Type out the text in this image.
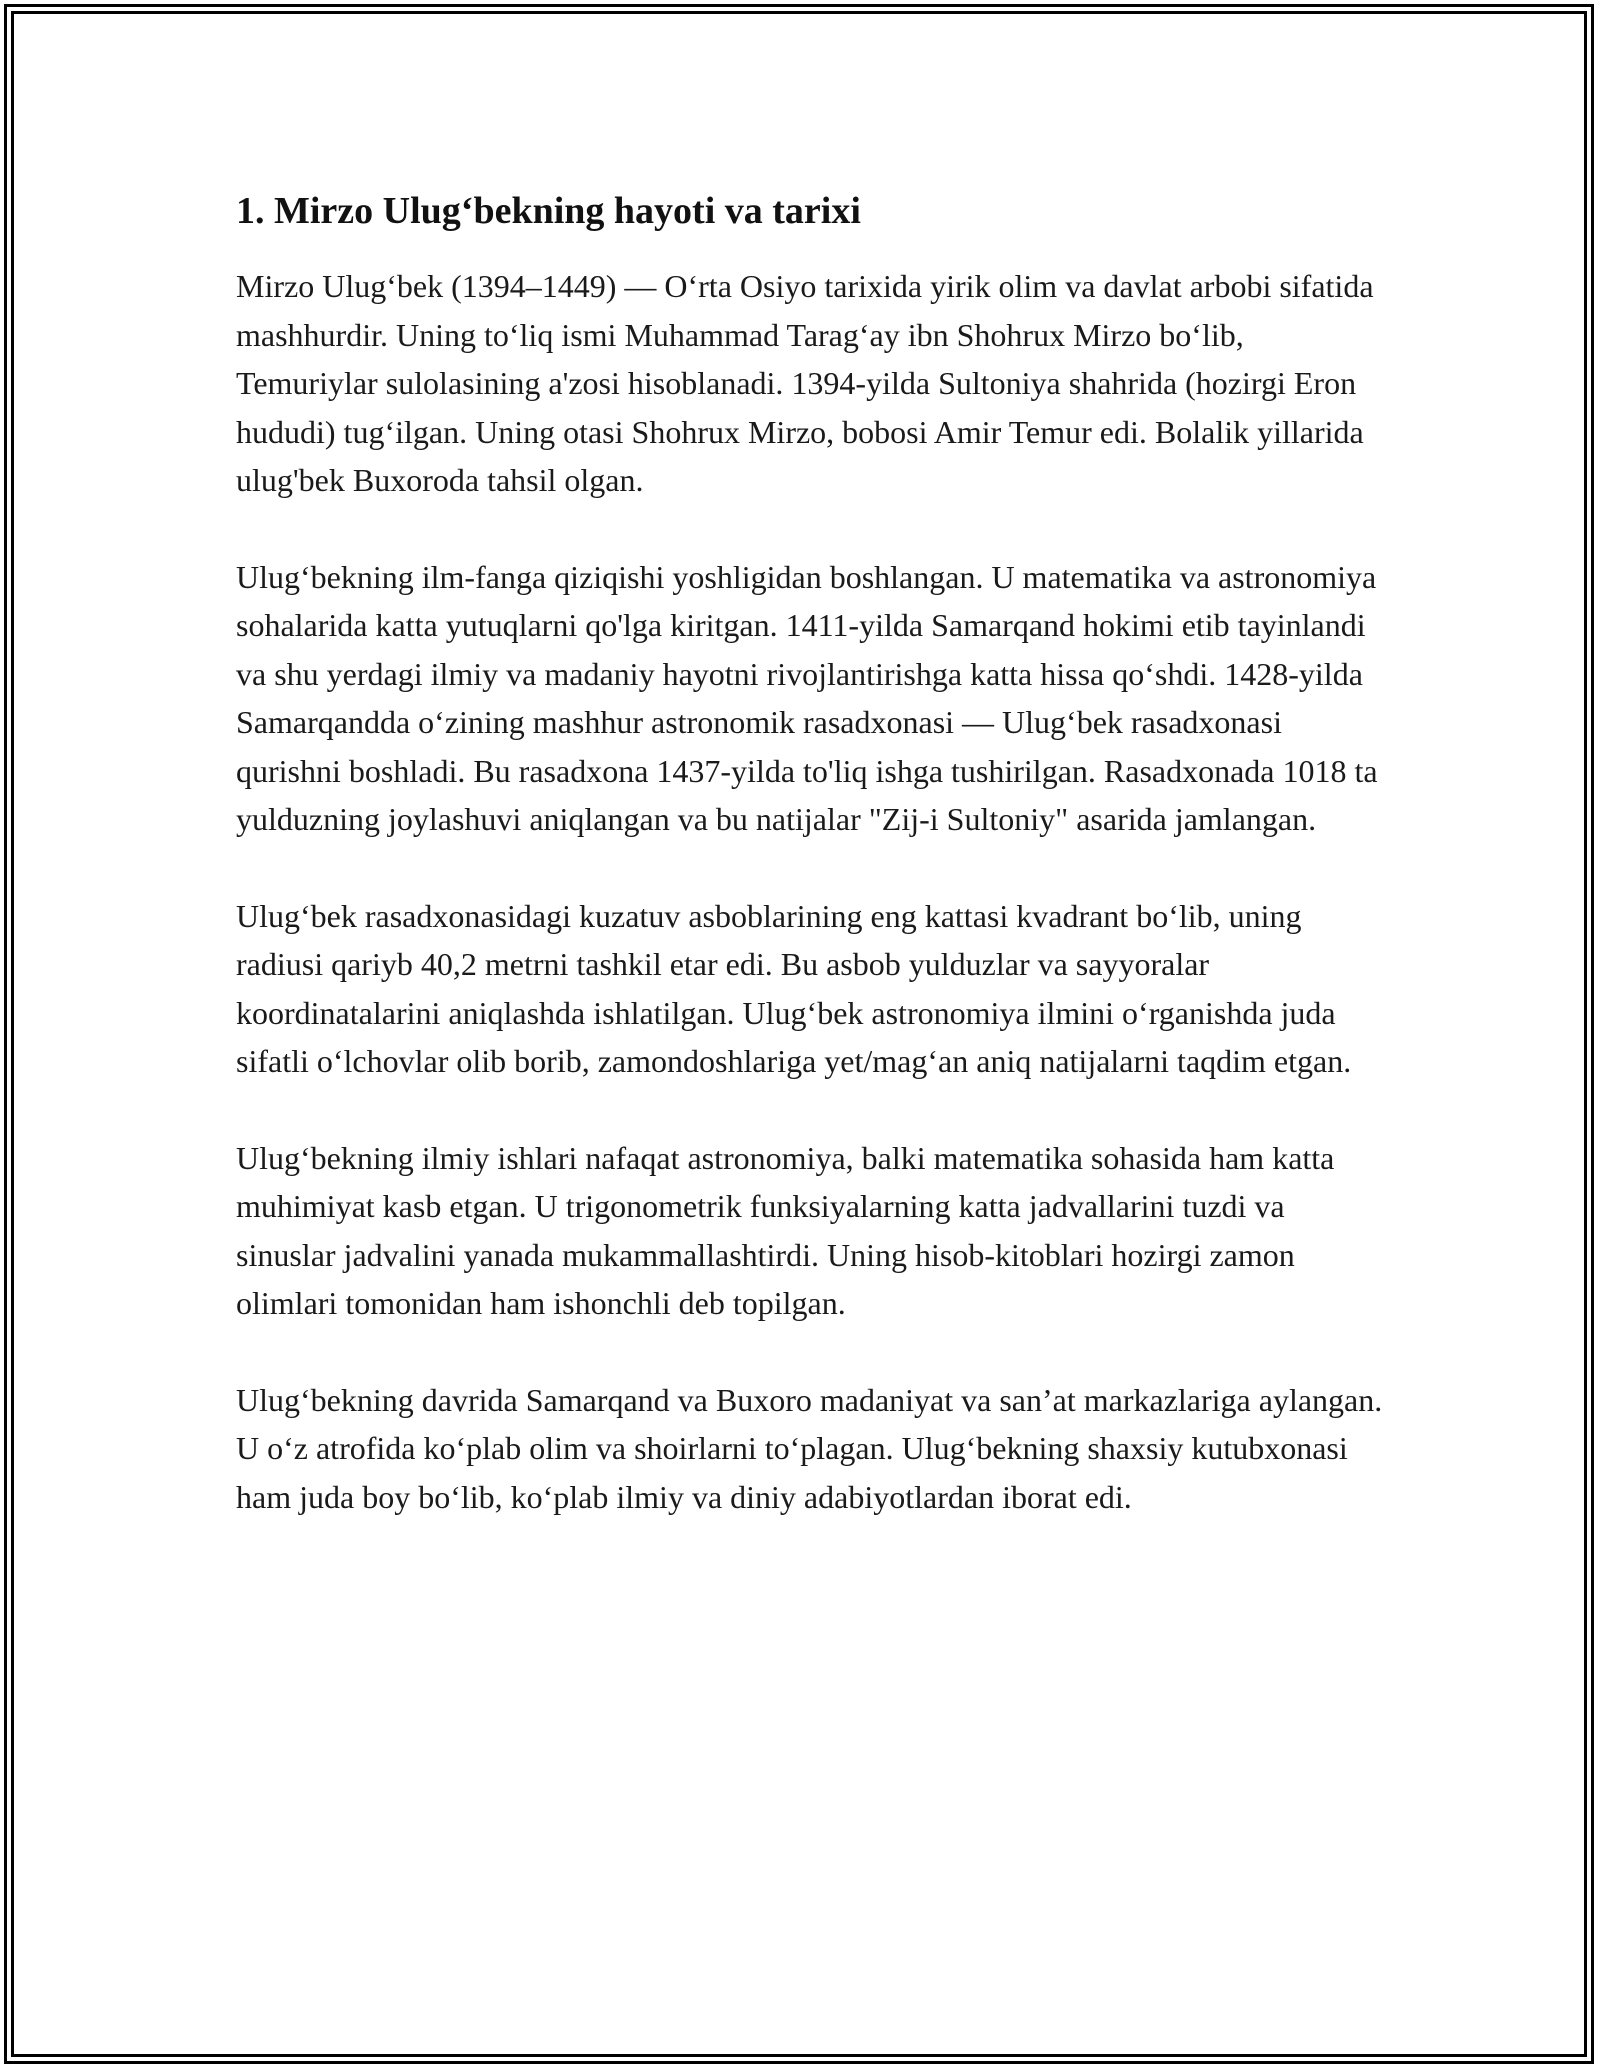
1. Mirzo Ulug‘bekning hayoti va tarixi

Mirzo Ulug‘bek (1394–1449) — O‘rta Osiyo tarixida yirik olim va davlat arbobi sifatida mashhurdir. Uning to‘liq ismi Muhammad Tarag‘ay ibn Shohrux Mirzo bo‘lib, Temuriylar sulolasining a'zosi hisoblanadi. 1394-yilda Sultoniya shahrida (hozirgi Eron hududi) tug‘ilgan. Uning otasi Shohrux Mirzo, bobosi Amir Temur edi. Bolalik yillarida ulug'bek Buxoroda tahsil olgan.

Ulug‘bekning ilm-fanga qiziqishi yoshligidan boshlangan. U matematika va astronomiya sohalarida katta yutuqlarni qo'lga kiritgan. 1411-yilda Samarqand hokimi etib tayinlandi va shu yerdagi ilmiy va madaniy hayotni rivojlantirishga katta hissa qo‘shdi. 1428-yilda Samarqandda o‘zining mashhur astronomik rasadxonasi — Ulug‘bek rasadxonasi qurishni boshladi. Bu rasadxona 1437-yilda to'liq ishga tushirilgan. Rasadxonada 1018 ta yulduzning joylashuvi aniqlangan va bu natijalar "Zij-i Sultoniy" asarida jamlangan.

Ulug‘bek rasadxonasidagi kuzatuv asboblarining eng kattasi kvadrant bo‘lib, uning radiusi qariyb 40,2 metrni tashkil etar edi. Bu asbob yulduzlar va sayyoralar koordinatalarini aniqlashda ishlatilgan. Ulug‘bek astronomiya ilmini o‘rganishda juda sifatli o‘lchovlar olib borib, zamondoshlariga yet/mag‘an aniq natijalarni taqdim etgan.

Ulug‘bekning ilmiy ishlari nafaqat astronomiya, balki matematika sohasida ham katta muhimiyat kasb etgan. U trigonometrik funksiyalarning katta jadvallarini tuzdi va sinuslar jadvalini yanada mukammallashtirdi. Uning hisob-kitoblari hozirgi zamon olimlari tomonidan ham ishonchli deb topilgan.

Ulug‘bekning davrida Samarqand va Buxoro madaniyat va san’at markazlariga aylangan. U o‘z atrofida ko‘plab olim va shoirlarni to‘plagan. Ulug‘bekning shaxsiy kutubxonasi ham juda boy bo‘lib, ko‘plab ilmiy va diniy adabiyotlardan iborat edi.
